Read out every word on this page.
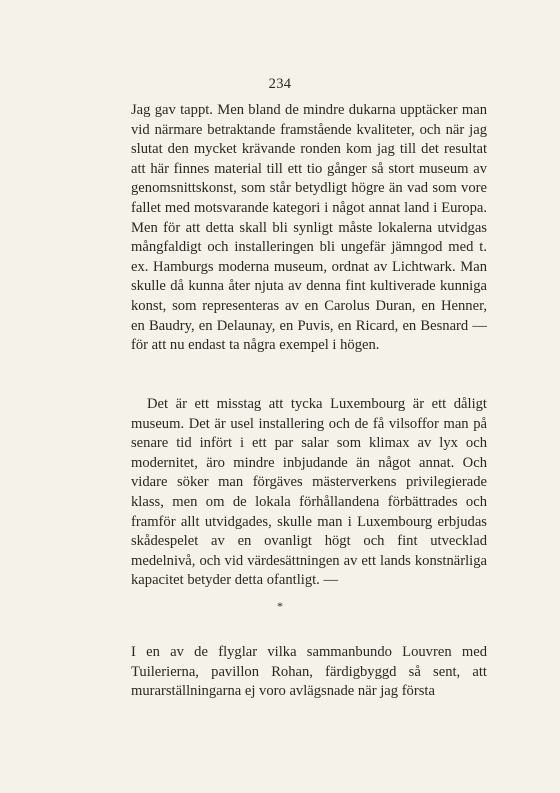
234

Jag gav tappt. Men bland de mindre dukarna upptäcker man vid närmare betraktande framstående kvaliteter, och när jag slutat den mycket krävande ronden kom jag till det resultat att här finnes material till ett tio gånger så stort museum av genomsnittskonst, som står betydligt högre än vad som vore fallet med motsvarande kategori i något annat land i Europa. Men för att detta skall bli synligt måste lokalerna utvidgas mångfaldigt och installeringen bli ungefär jämngod med t. ex. Hamburgs moderna museum, ordnat av Lichtwark. Man skulle då kunna åter njuta av denna fint kultiverade kunniga konst, som representeras av en Carolus Duran, en Henner, en Baudry, en Delaunay, en Puvis, en Ricard, en Besnard — för att nu endast ta några exempel i högen.

Det är ett misstag att tycka Luxembourg är ett dåligt museum. Det är usel installering och de få vilsoffor man på senare tid infört i ett par salar som klimax av lyx och modernitet, äro mindre inbjudande än något annat. Och vidare söker man förgäves mästerverkens privilegierade klass, men om de lokala förhållandena förbättrades och framför allt utvidgades, skulle man i Luxembourg erbjudas skådespelet av en ovanligt högt och fint utvecklad medelnivå, och vid värdesättningen av ett lands konstnärliga kapacitet betyder detta ofantligt. —

*

I en av de flyglar vilka sammanbundo Louvren med Tuilerierna, pavillon Rohan, färdigbyggd så sent, att murarställningarna ej voro avlägsnade när jag första
